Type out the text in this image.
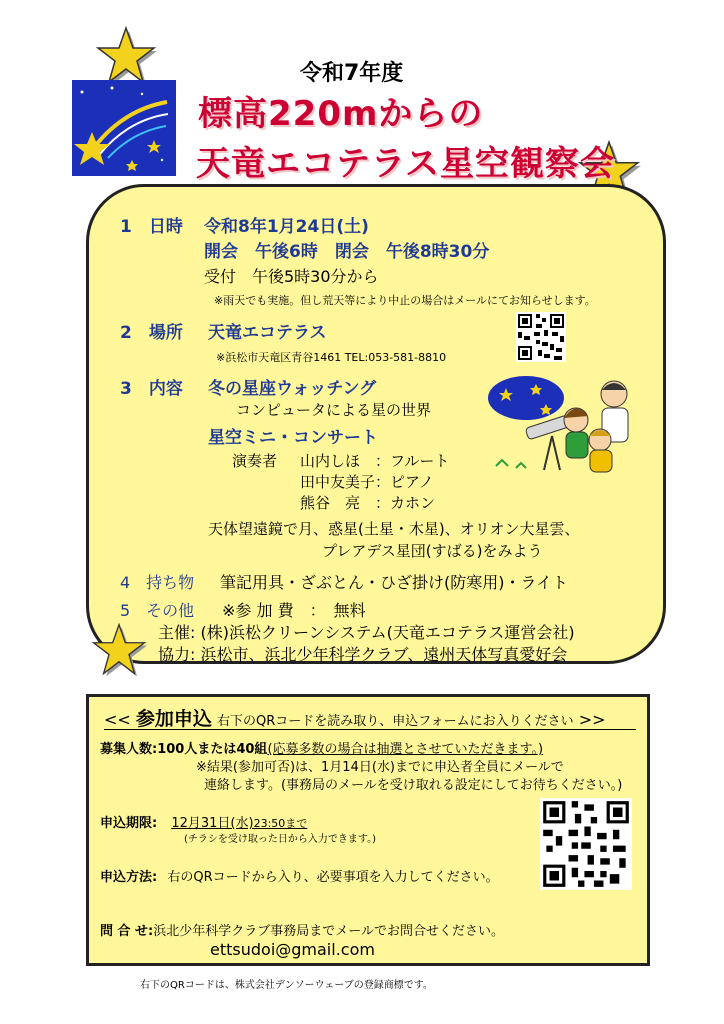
令和7年度
標高220mからの
天竜エコテラス星空観察会
1　日時 令和8年1月24日(土)
開会　午後6時　閉会　午後8時30分
受付　午後5時30分から
※雨天でも実施。但し荒天等により中止の場合はメールにてお知らせします。
2　場所 天竜エコテラス
※浜松市天竜区青谷1461 TEL:053-581-8810
3　内容 冬の星座ウォッチング
コンピュータによる星の世界
星空ミニ・コンサート
演奏者 山内しほ　：フルート
田中友美子：ピアノ
熊谷　亮　：カホン
天体望遠鏡で月、惑星(土星・木星)、オリオン大星雲、
プレアデス星団(すばる)をみよう
4　持ち物 筆記用具・ざぶとん・ひざ掛け(防寒用)・ライト
5　その他 ※参 加 費　：　無料
主催: (株)浜松クリーンシステム(天竜エコテラス運営会社)
協力: 浜松市、浜北少年科学クラブ、遠州天体写真愛好会
<< 参加申込 右下のQRコードを読み取り、申込フォームにお入りください >>
募集人数:100人または40組(応募多数の場合は抽選とさせていただきます。)
※結果(参加可否)は、1月14日(水)までに申込者全員にメールで
連絡します。(事務局のメールを受け取れる設定にしてお待ちください。)
申込期限: 12月31日(水)23:50まで
(チラシを受け取った日から入力できます。)
申込方法: 右のQRコードから入り、必要事項を入力してください。
問 合 せ:浜北少年科学クラブ事務局までメールでお問合せください。
ettsudoi@gmail.com
右下のQRコードは、株式会社デンソーウェーブの登録商標です。
